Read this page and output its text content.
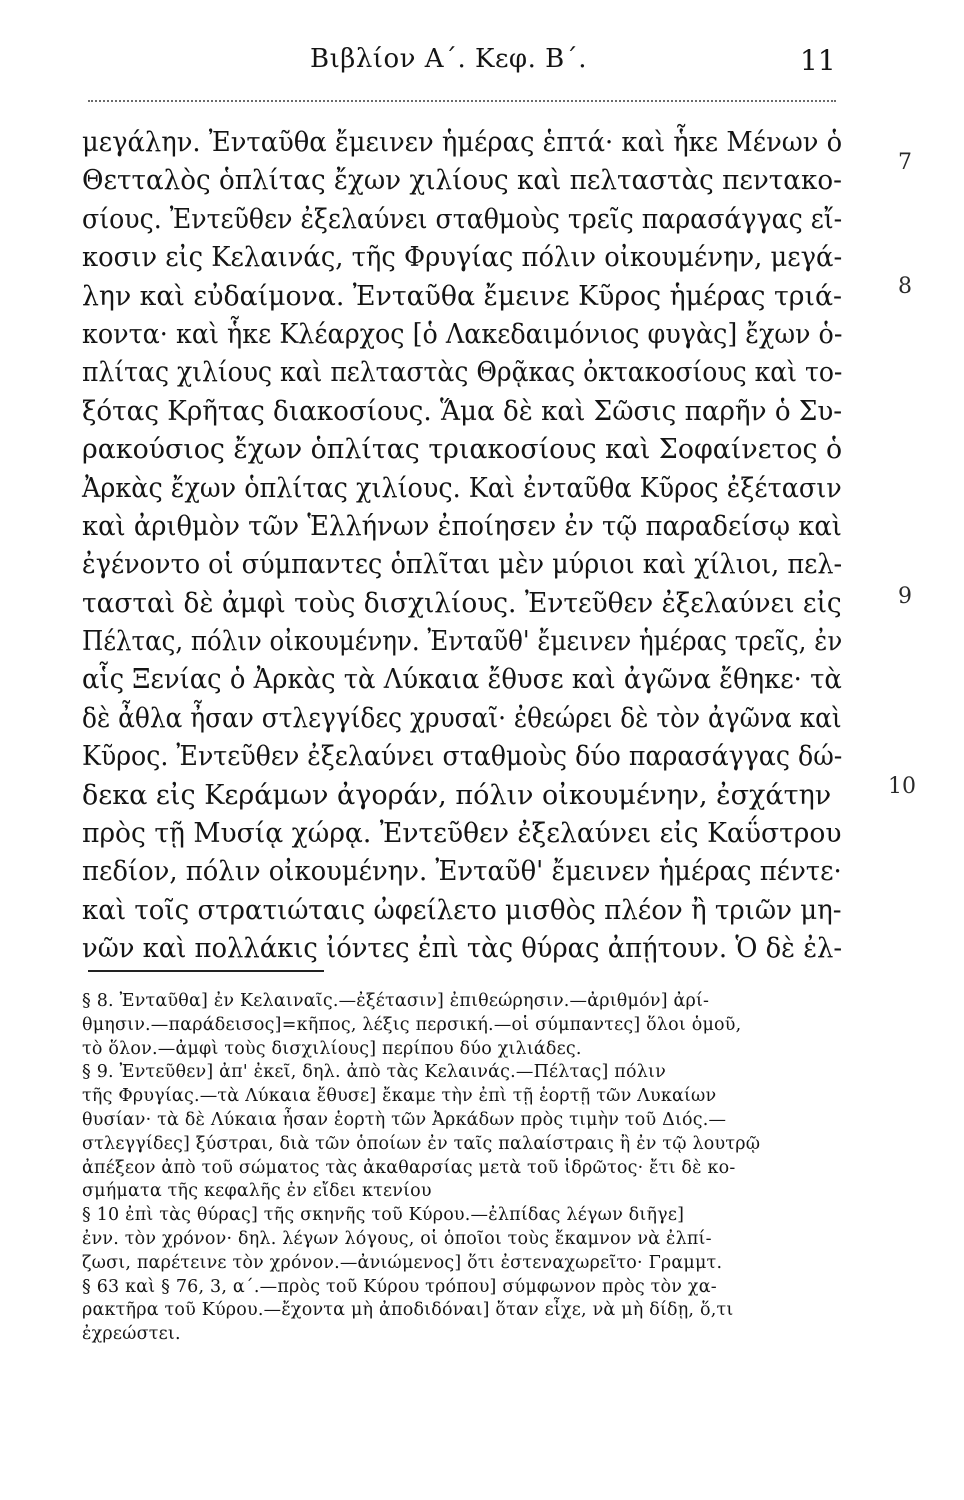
Βιβλίον Α΄. Κεφ. Β΄.	11
μεγάλην. Ἐνταῦθα ἔμεινεν ἡμέρας ἑπτά· καὶ ἧκε Μένων ὁ
Θετταλὸς ὁπλίτας ἔχων χιλίους καὶ πελταστὰς πεντακο-
σίους. Ἐντεῦθεν ἐξελαύνει σταθμοὺς τρεῖς παρασάγγας εἴ-
κοσιν εἰς Κελαινάς, τῆς Φρυγίας πόλιν οἰκουμένην, μεγά-
λην καὶ εὐδαίμονα. Ἐνταῦθα ἔμεινε Κῦρος ἡμέρας τριά-
κοντα· καὶ ἧκε Κλέαρχος [ὁ Λακεδαιμόνιος φυγὰς] ἔχων ὁ-
πλίτας χιλίους καὶ πελταστὰς Θρᾷκας ὀκτακοσίους καὶ το-
ξότας Κρῆτας διακοσίους. Ἅμα δὲ καὶ Σῶσις παρῆν ὁ Συ-
ρακούσιος ἔχων ὁπλίτας τριακοσίους καὶ Σοφαίνετος ὁ
Ἀρκὰς ἔχων ὁπλίτας χιλίους. Καὶ ἐνταῦθα Κῦρος ἐξέτασιν
καὶ ἀριθμὸν τῶν Ἑλλήνων ἐποίησεν ἐν τῷ παραδείσῳ καὶ
ἐγένοντο οἱ σύμπαντες ὁπλῖται μὲν μύριοι καὶ χίλιοι, πελ-
τασταὶ δὲ ἀμφὶ τοὺς δισχιλίους. Ἐντεῦθεν ἐξελαύνει εἰς
Πέλτας, πόλιν οἰκουμένην. Ἐνταῦθ' ἔμεινεν ἡμέρας τρεῖς, ἐν
αἷς Ξενίας ὁ Ἀρκὰς τὰ Λύκαια ἔθυσε καὶ ἀγῶνα ἔθηκε· τὰ
δὲ ἆθλα ἦσαν στλεγγίδες χρυσαῖ· ἐθεώρει δὲ τὸν ἀγῶνα καὶ
Κῦρος. Ἐντεῦθεν ἐξελαύνει σταθμοὺς δύο παρασάγγας δώ-
δεκα εἰς Κεράμων ἀγοράν, πόλιν οἰκουμένην, ἐσχάτην
πρὸς τῇ Μυσίᾳ χώρᾳ. Ἐντεῦθεν ἐξελαύνει εἰς Καΰστρου
πεδίον, πόλιν οἰκουμένην. Ἐνταῦθ' ἔμεινεν ἡμέρας πέντε·
καὶ τοῖς στρατιώταις ὠφείλετο μισθὸς πλέον ἢ τριῶν μη-
νῶν καὶ πολλάκις ἰόντες ἐπὶ τὰς θύρας ἀπῄτουν. Ὁ δὲ ἐλ-
7
8
9
10
§ 8. Ἐνταῦθα] ἐν Κελαιναῖς.—ἐξέτασιν] ἐπιθεώρησιν.—ἀριθμόν] ἀρί-
θμησιν.—παράδεισος]=κῆπος, λέξις περσική.—οἱ σύμπαντες] ὅλοι ὁμοῦ,
τὸ ὅλον.—ἀμφὶ τοὺς δισχιλίους] περίπου δύο χιλιάδες.
§ 9. Ἐντεῦθεν] ἀπ' ἐκεῖ, δηλ. ἀπὸ τὰς Κελαινάς.—Πέλτας] πόλιν
τῆς Φρυγίας.—τὰ Λύκαια ἔθυσε] ἔκαμε τὴν ἐπὶ τῇ ἑορτῇ τῶν Λυκαίων
θυσίαν· τὰ δὲ Λύκαια ἦσαν ἑορτὴ τῶν Ἀρκάδων πρὸς τιμὴν τοῦ Διός.—
στλεγγίδες] ξύστραι, διὰ τῶν ὁποίων ἐν ταῖς παλαίστραις ἢ ἐν τῷ λουτρῷ
ἀπέξεον ἀπὸ τοῦ σώματος τὰς ἀκαθαρσίας μετὰ τοῦ ἱδρῶτος· ἔτι δὲ κο-
σμήματα τῆς κεφαλῆς ἐν εἴδει κτενίου
§ 10 ἐπὶ τὰς θύρας] τῆς σκηνῆς τοῦ Κύρου.—ἐλπίδας λέγων διῆγε]
ἐνν. τὸν χρόνον· δηλ. λέγων λόγους, οἱ ὁποῖοι τοὺς ἔκαμνον νὰ ἐλπί-
ζωσι, παρέτεινε τὸν χρόνον.—ἀνιώμενος] ὅτι ἐστεναχωρεῖτο· Γραμμτ.
§ 63 καὶ § 76, 3, α΄.—πρὸς τοῦ Κύρου τρόπου] σύμφωνον πρὸς τὸν χα-
ρακτῆρα τοῦ Κύρου.—ἔχοντα μὴ ἀποδιδόναι] ὅταν εἶχε, νὰ μὴ δίδῃ, ὅ,τι
ἐχρεώστει.
